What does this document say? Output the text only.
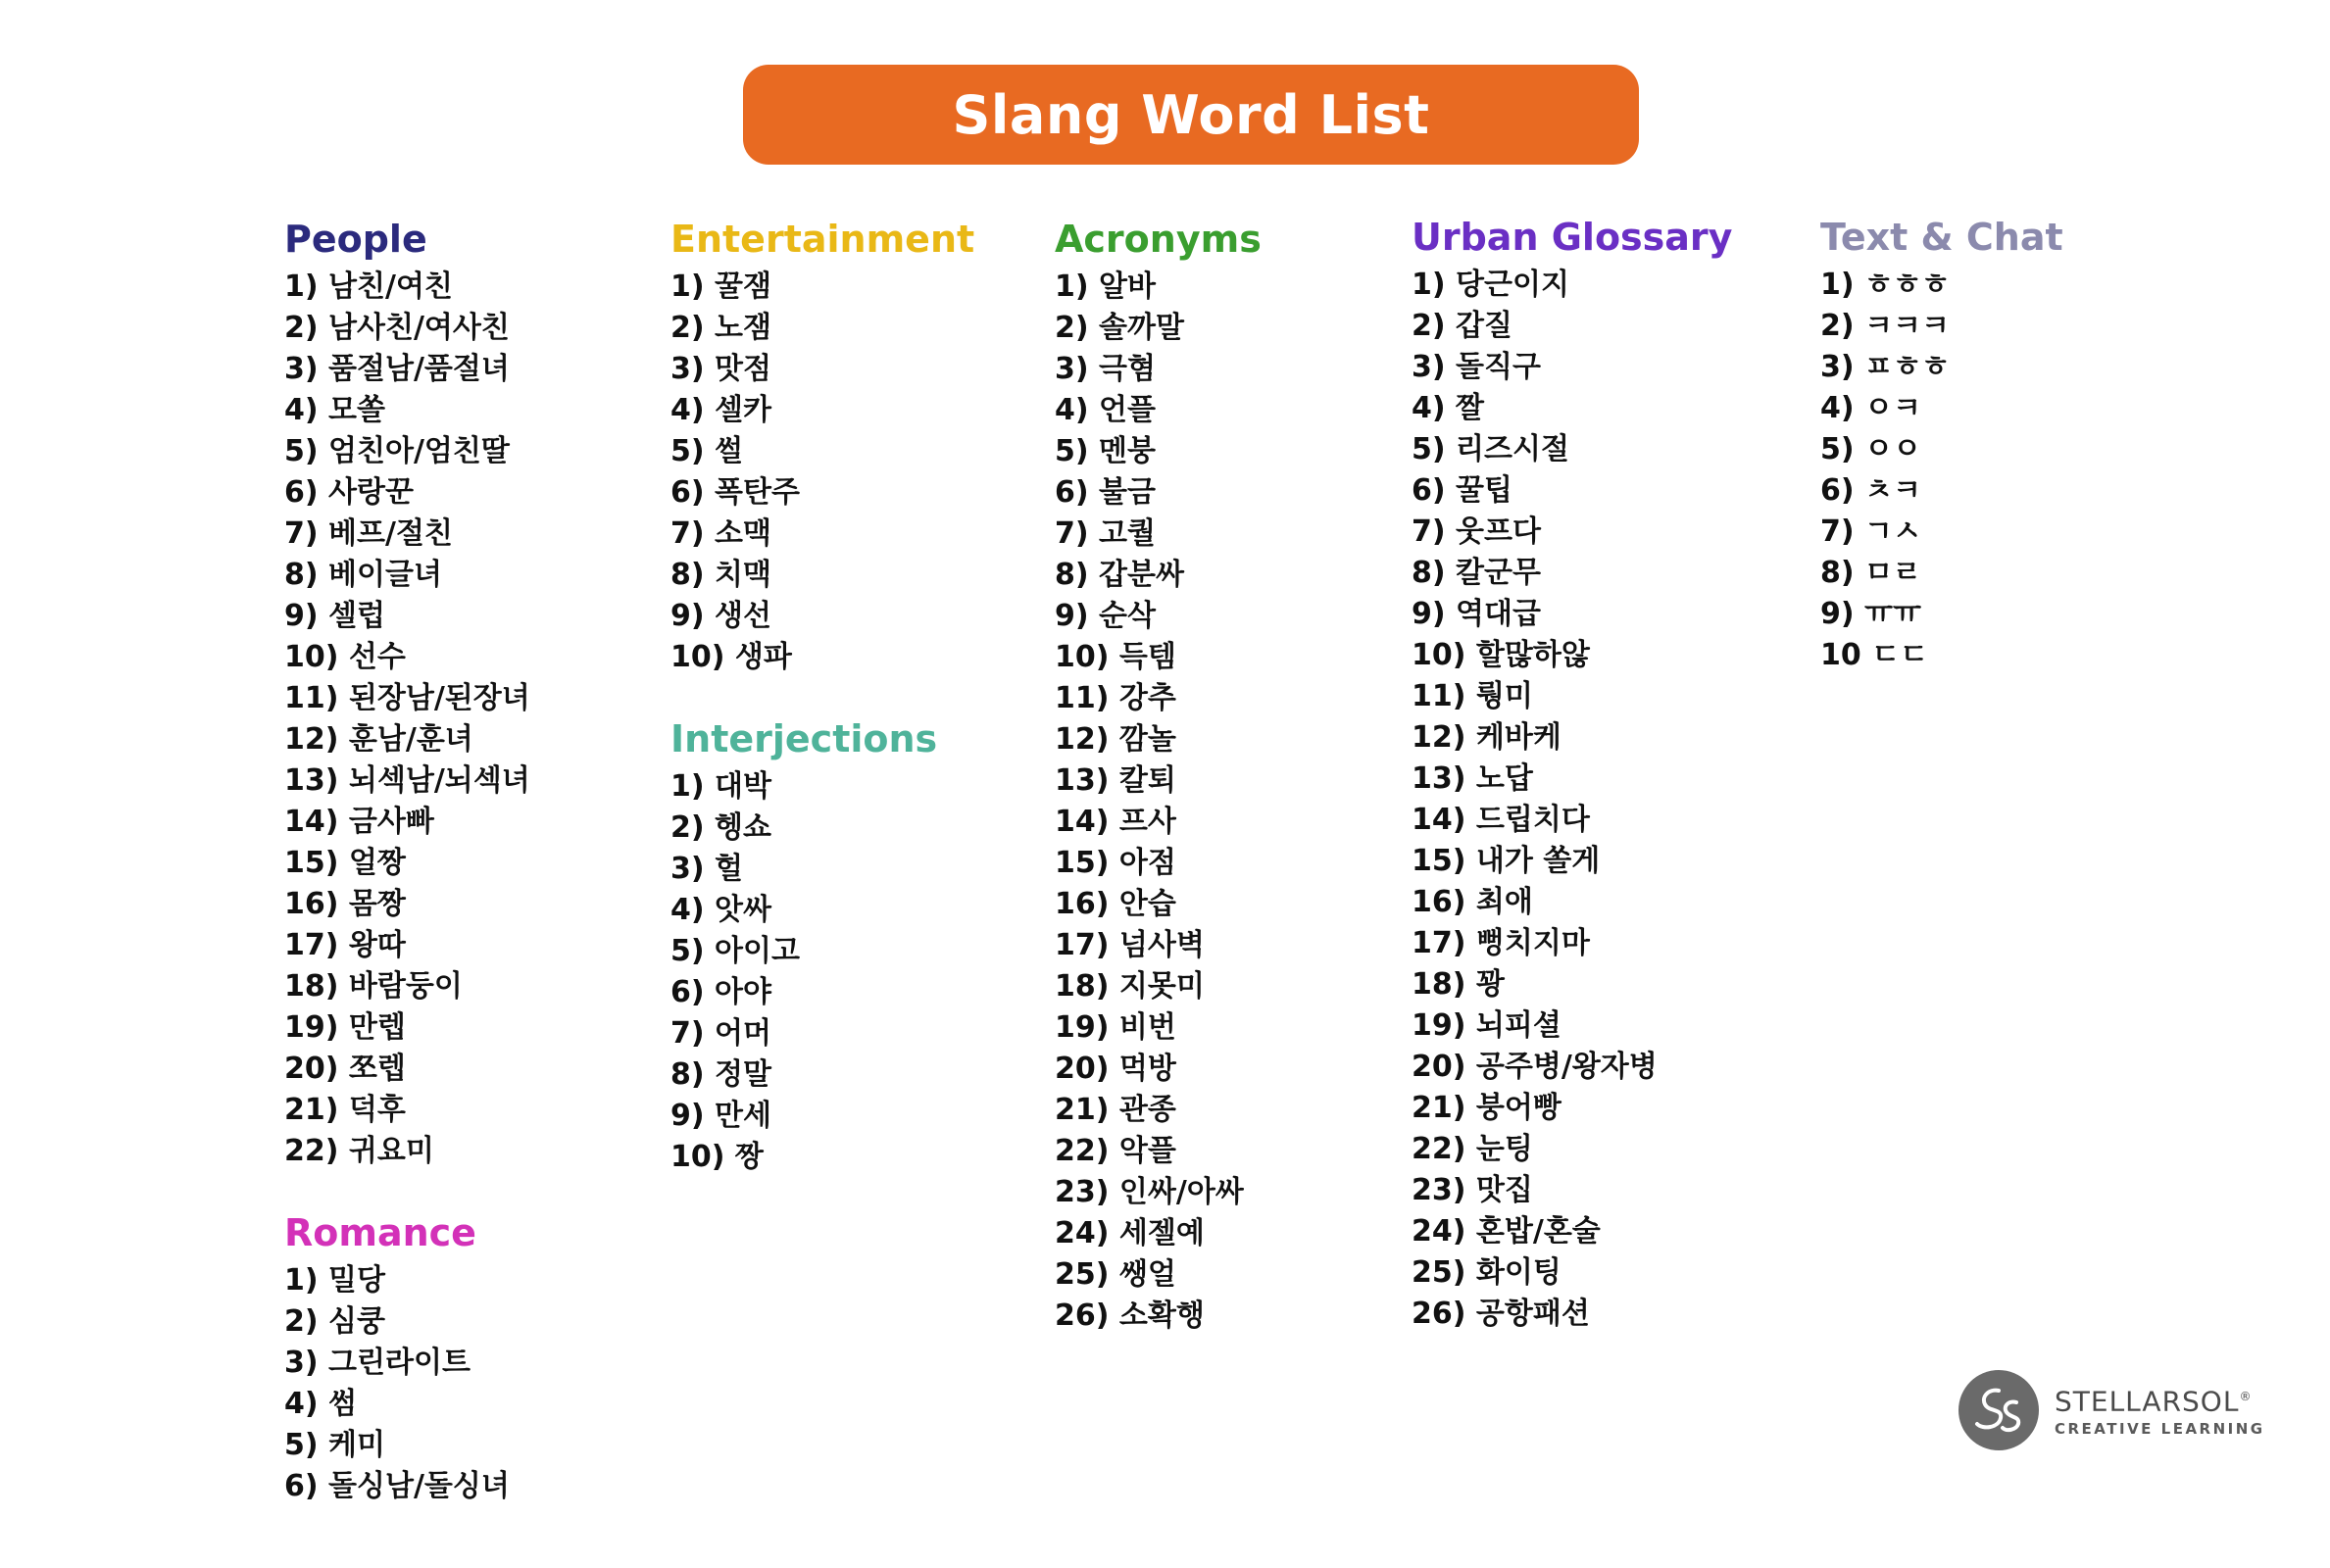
Slang Word List
People
1) 남친/여친
2) 남사친/여사친
3) 품절남/품절녀
4) 모쏠
5) 엄친아/엄친딸
6) 사랑꾼
7) 베프/절친
8) 베이글녀
9) 셀럽
10) 선수
11) 된장남/된장녀
12) 훈남/훈녀
13) 뇌섹남/뇌섹녀
14) 금사빠
15) 얼짱
16) 몸짱
17) 왕따
18) 바람둥이
19) 만렙
20) 쪼렙
21) 덕후
22) 귀요미
Romance
1) 밀당
2) 심쿵
3) 그린라이트
4) 썸
5) 케미
6) 돌싱남/돌싱녀
Entertainment
1) 꿀잼
2) 노잼
3) 맛점
4) 셀카
5) 썰
6) 폭탄주
7) 소맥
8) 치맥
9) 생선
10) 생파
Interjections
1) 대박
2) 헹쇼
3) 헐
4) 앗싸
5) 아이고
6) 아야
7) 어머
8) 정말
9) 만세
10) 짱
Acronyms
1) 알바
2) 솔까말
3) 극혐
4) 언플
5) 멘붕
6) 불금
7) 고퀄
8) 갑분싸
9) 순삭
10) 득템
11) 강추
12) 깜놀
13) 칼퇴
14) 프사
15) 아점
16) 안습
17) 넘사벽
18) 지못미
19) 비번
20) 먹방
21) 관종
22) 악플
23) 인싸/아싸
24) 세젤예
25) 쌩얼
26) 소확행
Urban Glossary
1) 당근이지
2) 갑질
3) 돌직구
4) 짤
5) 리즈시절
6) 꿀팁
7) 웃프다
8) 칼군무
9) 역대급
10) 할많하않
11) 뤙미
12) 케바케
13) 노답
14) 드립치다
15) 내가 쏠게
16) 최애
17) 뻥치지마
18) 꽝
19) 뇌피셜
20) 공주병/왕자병
21) 붕어빵
22) 눈팅
23) 맛집
24) 혼밥/혼술
25) 화이팅
26) 공항패션
Text & Chat
1) ㅎㅎㅎ
2) ㅋㅋㅋ
3) ㅍㅎㅎ
4) ㅇㅋ
5) ㅇㅇ
6) ㅊㅋ
7) ㄱㅅ
8) ㅁㄹ
9) ㅠㅠ
10 ㄷㄷ
STELLARSOL®
CREATIVE LEARNING
